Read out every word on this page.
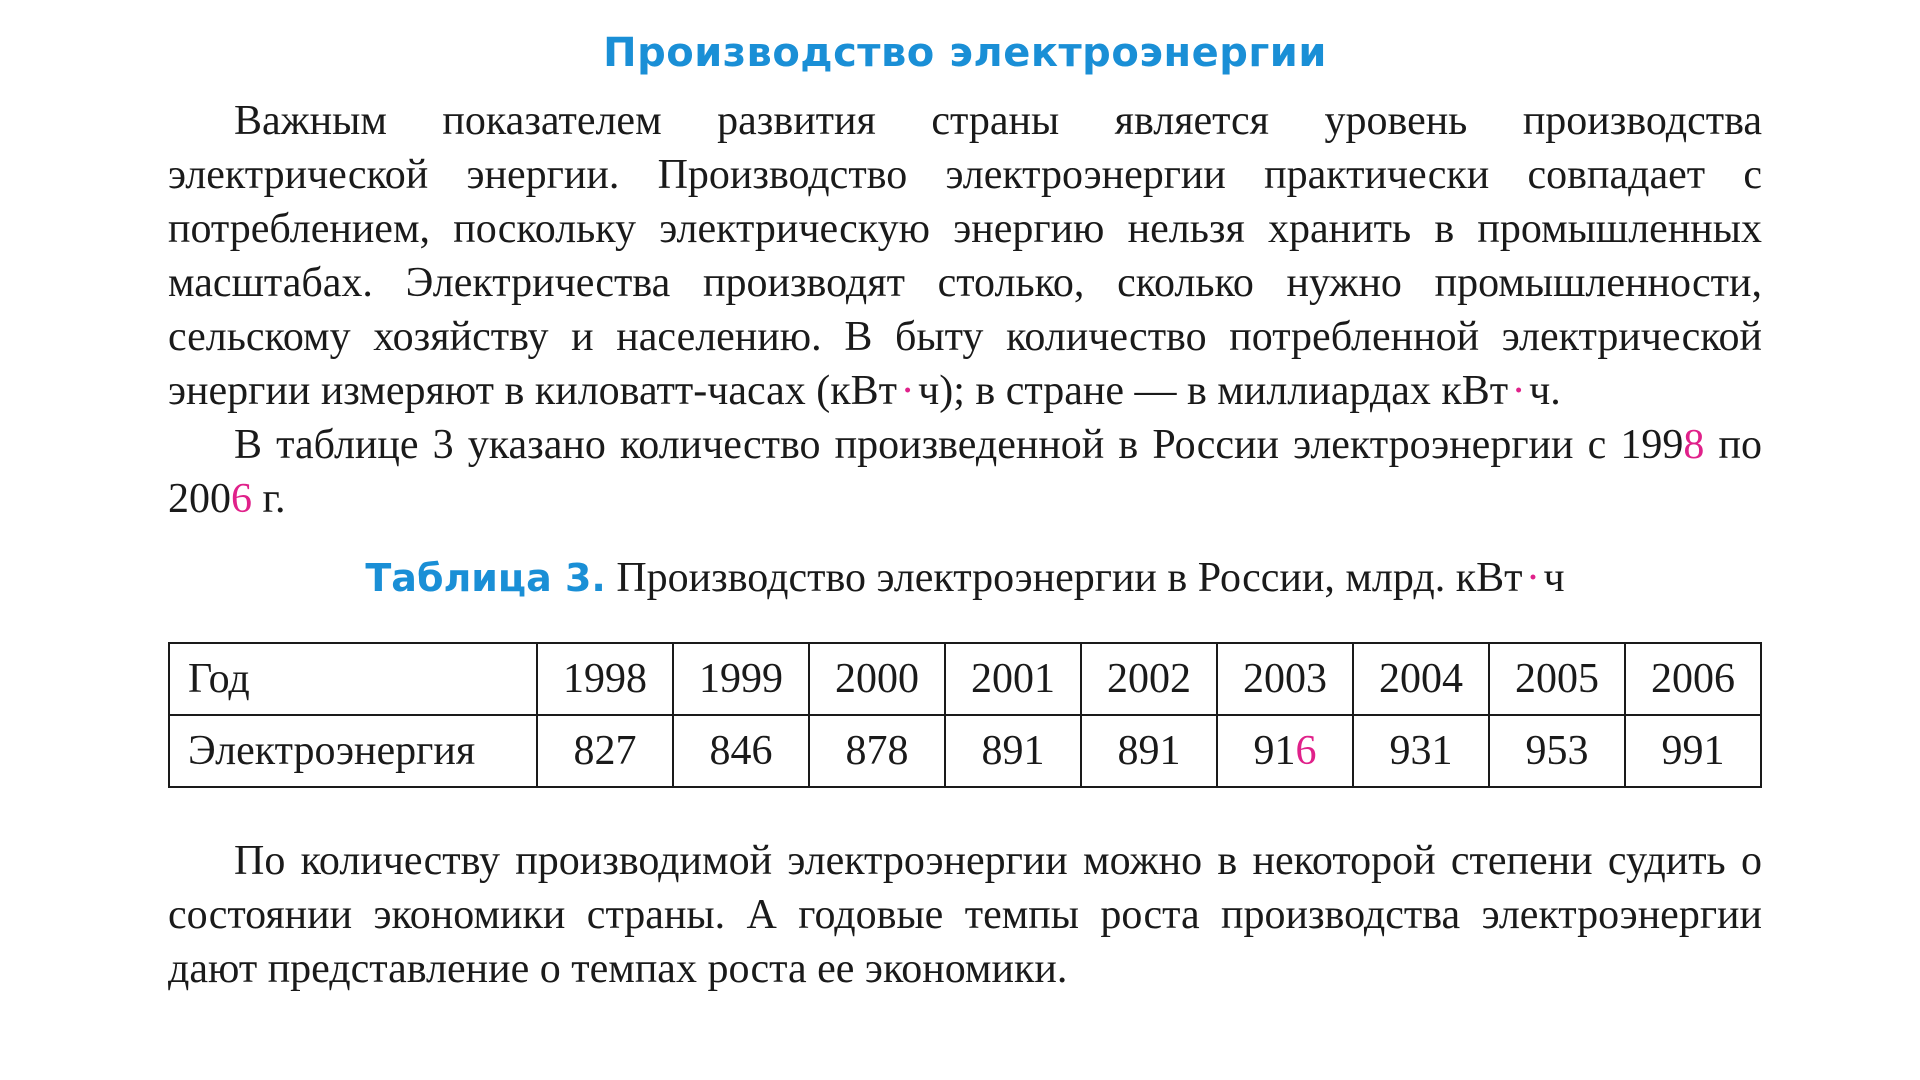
Производство электроэнергии

Важным показателем развития страны является уровень производства электрической энергии. Производство электроэнергии практически совпадает с потреблением, поскольку электрическую энергию нельзя хранить в промышленных масштабах. Электричества производят столько, сколько нужно промышленности, сельскому хозяйству и населению. В быту количество потребленной электрической энергии измеряют в киловатт-часах (кВт · ч); в стране — в миллиардах кВт · ч.

В таблице 3 указано количество произведенной в России электроэнергии с 1998 по 2006 г.

Таблица 3. Производство электроэнергии в России, млрд. кВт · ч
Год	1998	1999	2000	2001	2002	2003	2004	2005	2006
Электроэнергия	827	846	878	891	891	916	931	953	991

По количеству производимой электроэнергии можно в некоторой степени судить о состоянии экономики страны. А годовые темпы роста производства электроэнергии дают представление о темпах роста ее экономики.
